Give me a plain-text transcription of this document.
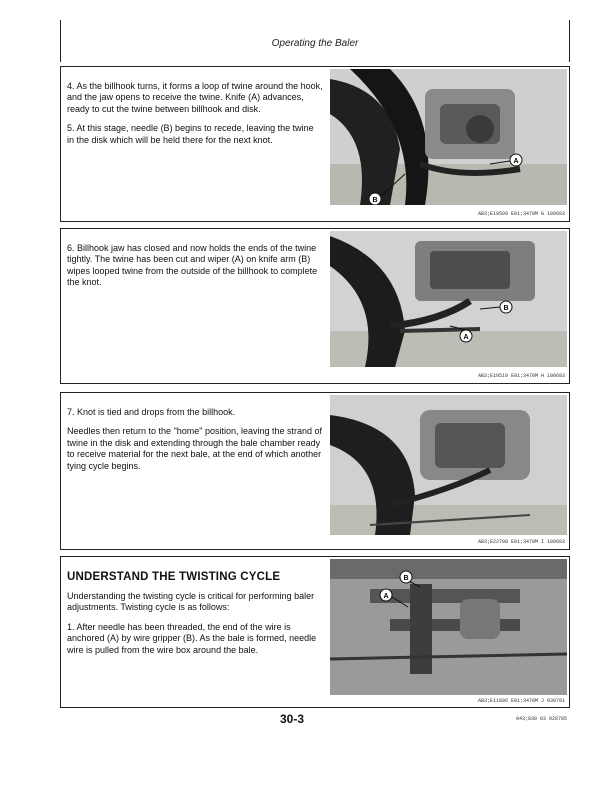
Operating the Baler

4. As the billhook turns, it forms a loop of twine around the hook, and the jaw opens to receive the twine. Knife (A) advances, ready to cut the twine between billhook and disk.

5. At this stage, needle (B) begins to recede, leaving the twine in the disk which will be held there for the next knot.

A
B
AB3;E19509 E01;3470M G 100683

6. Billhook jaw has closed and now holds the ends of the twine tightly. The twine has been cut and wiper (A) on knife arm (B) wipes looped twine from the outside of the billhook to complete the knot.

B
A
AB3;E19510 E01;3470M H 100683

7. Knot is tied and drops from the billhook.

Needles then return to the "home" position, leaving the strand of twine in the disk and extending through the bale chamber ready to receive material for the next bale, at the end of which another tying cycle begins.

AB3;E22708 E01;3470M I 100683
UNDERSTAND THE TWISTING CYCLE

Understanding the twisting cycle is critical for performing baler adjustments. Twisting cycle is as follows:

1. After needle has been threaded, the end of the wire is anchored (A) by wire gripper (B). As the bale is formed, needle wire is pulled from the wire box around the bale.

B
A
AB3;E11896 E01;3470M J 030781
30-3	043;030 03 020785
